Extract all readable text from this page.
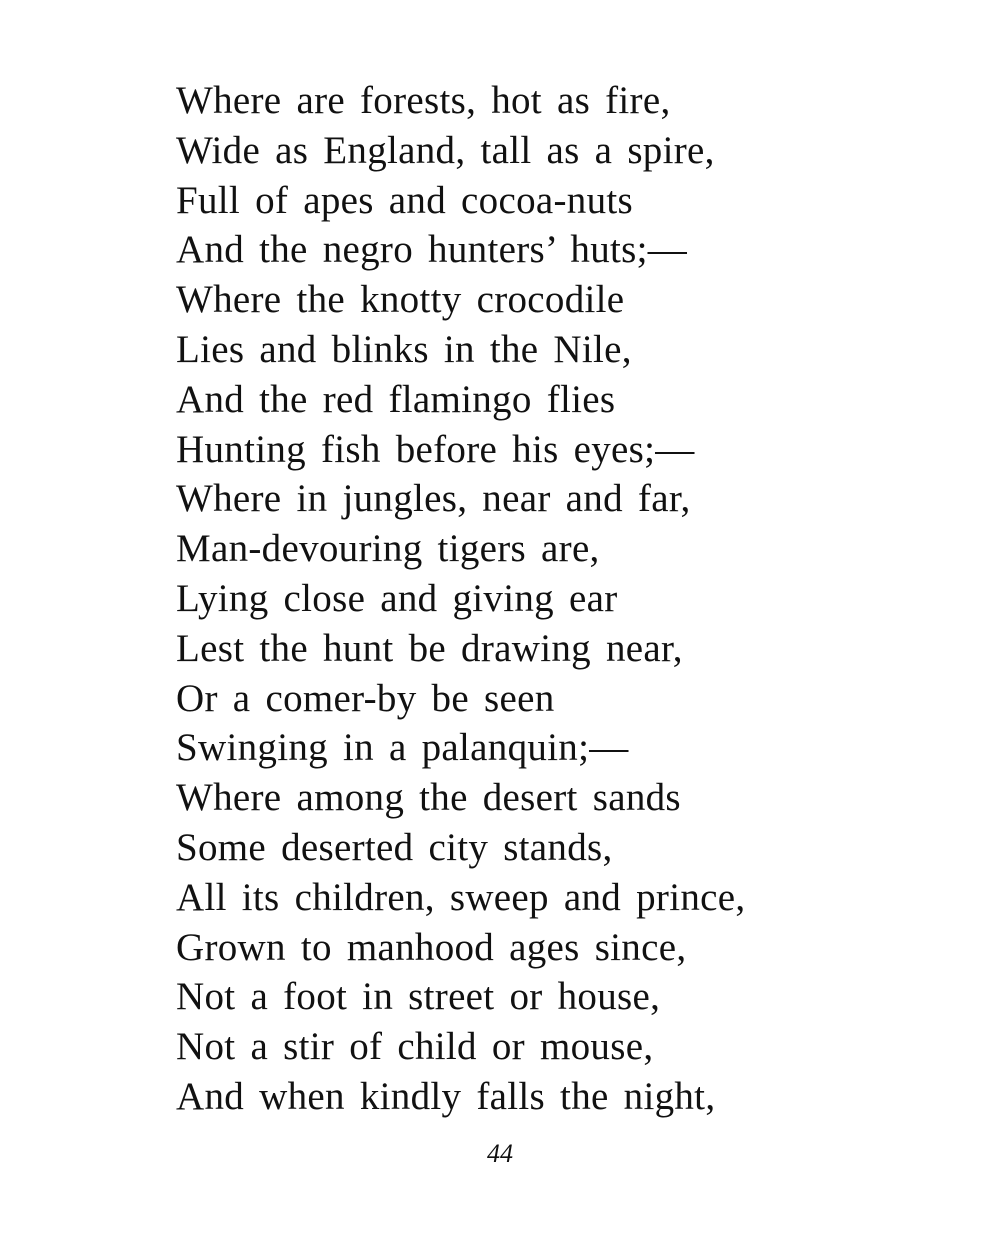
Where are forests, hot as fire,
Wide as England, tall as a spire,
Full of apes and cocoa-nuts
And the negro hunters’ huts;—
Where the knotty crocodile
Lies and blinks in the Nile,
And the red flamingo flies
Hunting fish before his eyes;—
Where in jungles, near and far,
Man-devouring tigers are,
Lying close and giving ear
Lest the hunt be drawing near,
Or a comer-by be seen
Swinging in a palanquin;—
Where among the desert sands
Some deserted city stands,
All its children, sweep and prince,
Grown to manhood ages since,
Not a foot in street or house,
Not a stir of child or mouse,
And when kindly falls the night,
44
